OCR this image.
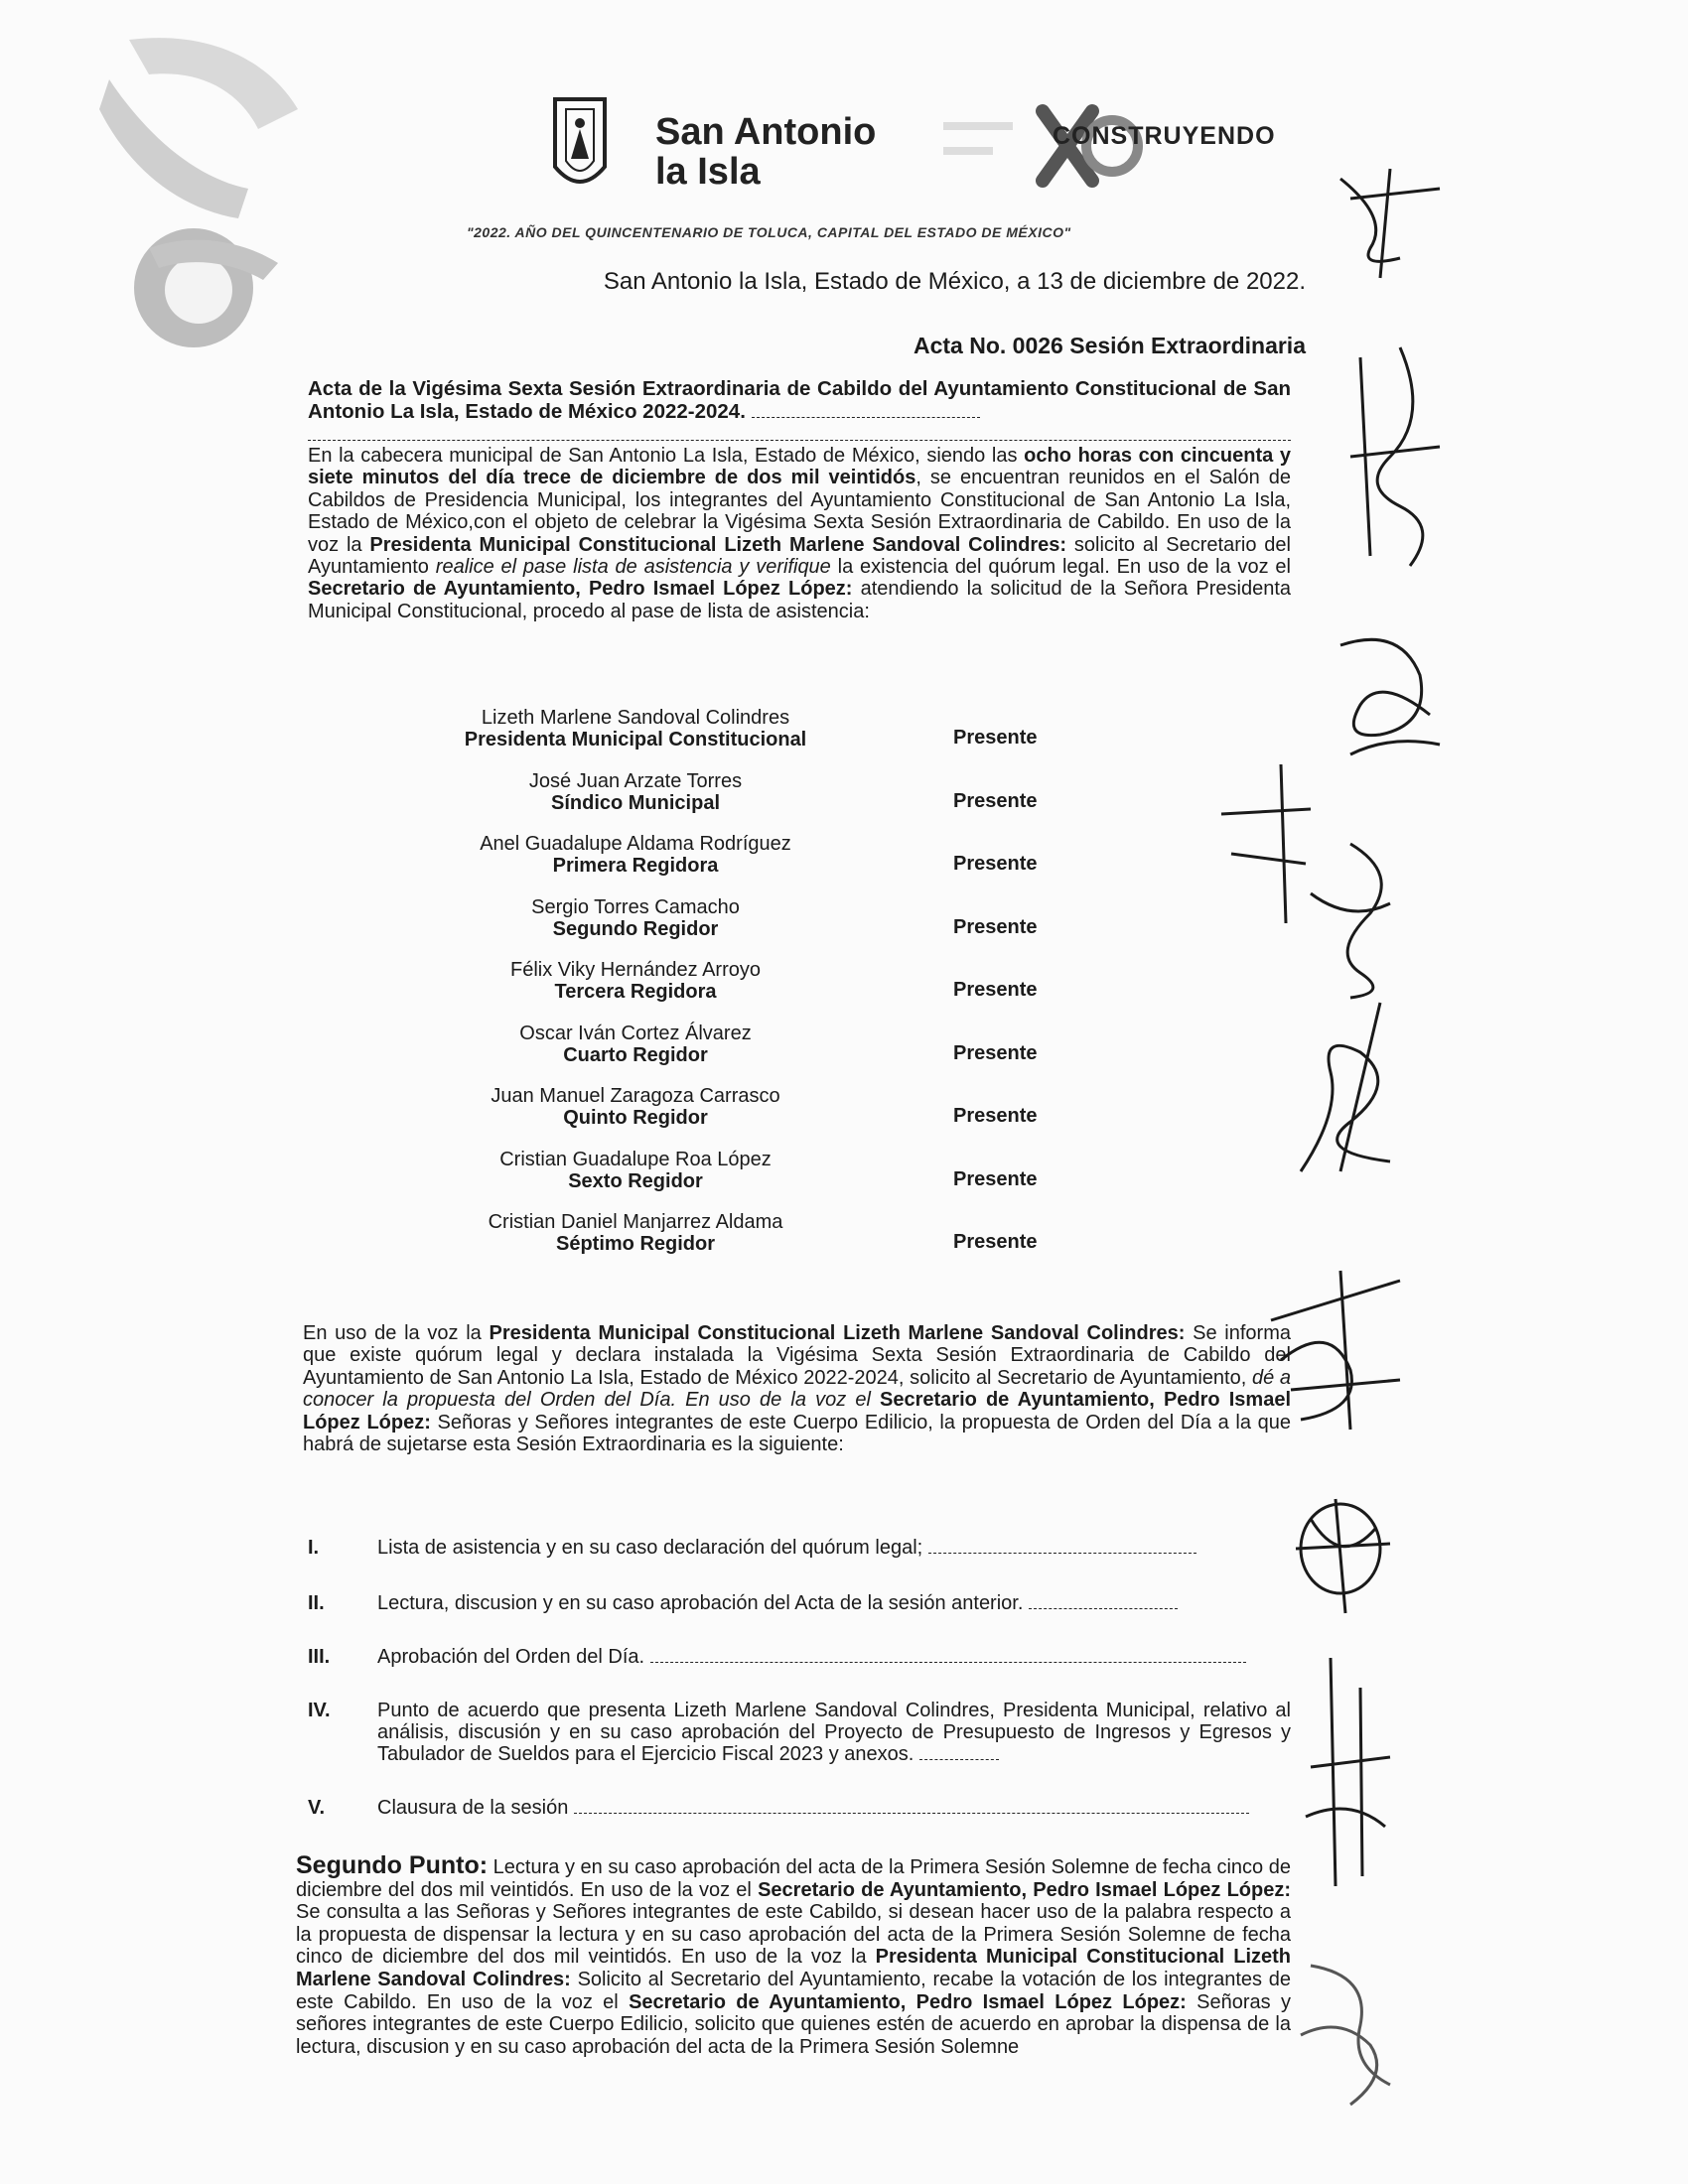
San Antonio
la Isla
CONSTRUYENDO
"2022. AÑO DEL QUINCENTENARIO DE TOLUCA, CAPITAL DEL ESTADO DE MÉXICO"
San Antonio la Isla, Estado de México, a 13 de diciembre de 2022.
Acta No. 0026 Sesión Extraordinaria
Acta de la Vigésima Sexta Sesión Extraordinaria de Cabildo del Ayuntamiento Constitucional de San Antonio La Isla, Estado de México 2022-2024.

En la cabecera municipal de San Antonio La Isla, Estado de México, siendo las ocho horas con cincuenta y siete minutos del día trece de diciembre de dos mil veintidós, se encuentran reunidos en el Salón de Cabildos de Presidencia Municipal, los integrantes del Ayuntamiento Constitucional de San Antonio La Isla, Estado de México,con el objeto de celebrar la Vigésima Sexta Sesión Extraordinaria de Cabildo. En uso de la voz la Presidenta Municipal Constitucional Lizeth Marlene Sandoval Colindres: solicito al Secretario del Ayuntamiento realice el pase lista de asistencia y verifique la existencia del quórum legal. En uso de la voz el Secretario de Ayuntamiento, Pedro Ismael López López: atendiendo la solicitud de la Señora Presidenta Municipal Constitucional, procedo al pase de lista de asistencia:
Lizeth Marlene Sandoval Colindres
Presidenta Municipal Constitucional	Presente
José Juan Arzate Torres
Síndico Municipal	Presente
Anel Guadalupe Aldama Rodríguez
Primera Regidora	Presente
Sergio Torres Camacho
Segundo Regidor	Presente
Félix Viky Hernández Arroyo
Tercera Regidora	Presente
Oscar Iván Cortez Álvarez
Cuarto Regidor	Presente
Juan Manuel Zaragoza Carrasco
Quinto Regidor	Presente
Cristian Guadalupe Roa López
Sexto Regidor	Presente
Cristian Daniel Manjarrez Aldama
Séptimo Regidor	Presente
En uso de la voz la Presidenta Municipal Constitucional Lizeth Marlene Sandoval Colindres: Se informa que existe quórum legal y declara instalada la Vigésima Sexta Sesión Extraordinaria de Cabildo del Ayuntamiento de San Antonio La Isla, Estado de México 2022-2024, solicito al Secretario de Ayuntamiento, dé a conocer la propuesta del Orden del Día. En uso de la voz el Secretario de Ayuntamiento, Pedro Ismael López López: Señoras y Señores integrantes de este Cuerpo Edilicio, la propuesta de Orden del Día a la que habrá de sujetarse esta Sesión Extraordinaria es la siguiente:
I.	Lista de asistencia y en su caso declaración del quórum legal;
II.	Lectura, discusion y en su caso aprobación del Acta de la sesión anterior.
III.	Aprobación del Orden del Día.
IV.	Punto de acuerdo que presenta Lizeth Marlene Sandoval Colindres, Presidenta Municipal, relativo al análisis, discusión y en su caso aprobación del Proyecto de Presupuesto de Ingresos y Egresos y Tabulador de Sueldos para el Ejercicio Fiscal 2023 y anexos.
V.	Clausura de la sesión
Segundo Punto: Lectura y en su caso aprobación del acta de la Primera Sesión Solemne de fecha cinco de diciembre del dos mil veintidós. En uso de la voz el Secretario de Ayuntamiento, Pedro Ismael López López: Se consulta a las Señoras y Señores integrantes de este Cabildo, si desean hacer uso de la palabra respecto a la propuesta de dispensar la lectura y en su caso aprobación del acta de la Primera Sesión Solemne de fecha cinco de diciembre del dos mil veintidós. En uso de la voz la Presidenta Municipal Constitucional Lizeth Marlene Sandoval Colindres: Solicito al Secretario del Ayuntamiento, recabe la votación de los integrantes de este Cabildo. En uso de la voz el Secretario de Ayuntamiento, Pedro Ismael López López: Señoras y señores integrantes de este Cuerpo Edilicio, solicito que quienes estén de acuerdo en aprobar la dispensa de la lectura, discusion y en su caso aprobación del acta de la Primera Sesión Solemne
